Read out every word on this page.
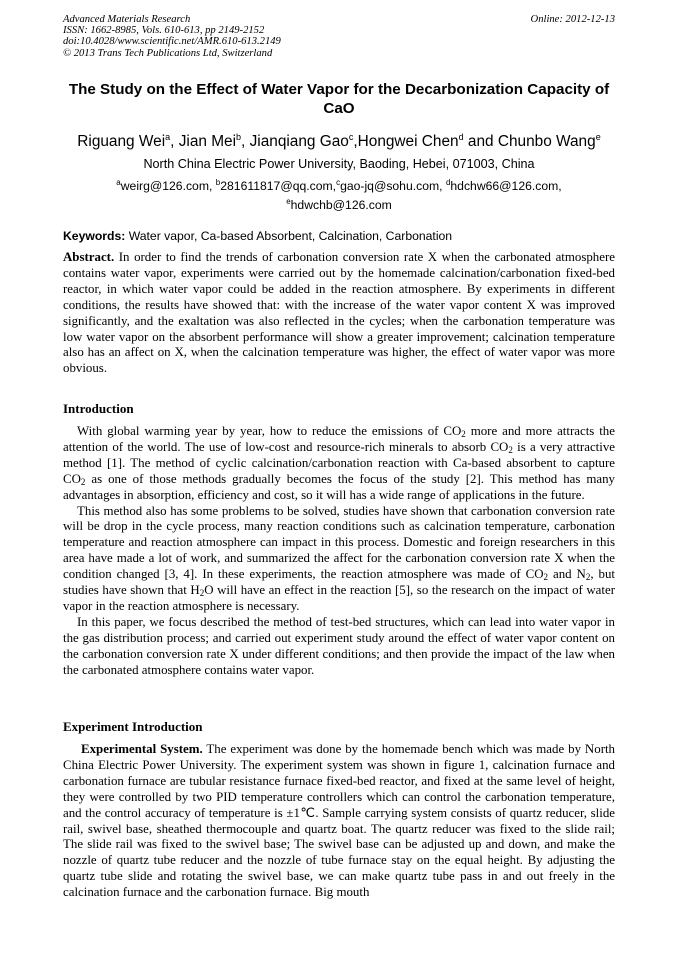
Advanced Materials Research
ISSN: 1662-8985, Vols. 610-613, pp 2149-2152
doi:10.4028/www.scientific.net/AMR.610-613.2149
© 2013 Trans Tech Publications Ltd, Switzerland
Online: 2012-12-13
The Study on the Effect of Water Vapor for the Decarbonization Capacity of CaO
Riguang Wei$^a$, Jian Mei$^b$, Jianqiang Gao$^c$,Hongwei Chen$^d$ and Chunbo Wang$^e$
North China Electric Power University, Baoding, Hebei, 071003, China
$^a$weirg@126.com, $^b$281611817@qq.com,$^c$gao-jq@sohu.com, $^d$hdchw66@126.com,
$^e$hdwchb@126.com
Keywords: Water vapor, Ca-based Absorbent, Calcination, Carbonation

Abstract. In order to find the trends of carbonation conversion rate X when the carbonated atmosphere contains water vapor, experiments were carried out by the homemade calcination/carbonation fixed-bed reactor, in which water vapor could be added in the reaction atmosphere. By experiments in different conditions, the results have showed that: with the increase of the water vapor content X was improved significantly, and the exaltation was also reflected in the cycles; when the carbonation temperature was low water vapor on the absorbent performance will show a greater improvement; calcination temperature also has an affect on X, when the calcination temperature was higher, the effect of water vapor was more obvious.

Introduction

With global warming year by year, how to reduce the emissions of $CO_2$ more and more attracts the attention of the world. The use of low-cost and resource-rich minerals to absorb $CO_2$ is a very attractive method [1]. The method of cyclic calcination/carbonation reaction with Ca-based absorbent to capture $CO_2$ as one of those methods gradually becomes the focus of the study [2]. This method has many advantages in absorption, efficiency and cost, so it will has a wide range of applications in the future.

This method also has some problems to be solved, studies have shown that carbonation conversion rate will be drop in the cycle process, many reaction conditions such as calcination temperature, carbonation temperature and reaction atmosphere can impact in this process. Domestic and foreign researchers in this area have made a lot of work, and summarized the affect for the carbonation conversion rate X when the condition changed [3, 4]. In these experiments, the reaction atmosphere was made of $CO_2$ and $N_2$, but studies have shown that $H_2O$ will have an effect in the reaction [5], so the research on the impact of water vapor in the reaction atmosphere is necessary.

In this paper, we focus described the method of test-bed structures, which can lead into water vapor in the gas distribution process; and carried out experiment study around the effect of water vapor content on the carbonation conversion rate X under different conditions; and then provide the impact of the law when the carbonated atmosphere contains water vapor.

Experiment Introduction

Experimental System. The experiment was done by the homemade bench which was made by North China Electric Power University. The experiment system was shown in figure 1, calcination furnace and carbonation furnace are tubular resistance furnace fixed-bed reactor, and fixed at the same level of height, they were controlled by two PID temperature controllers which can control the carbonation temperature, and the control accuracy of temperature is ±1℃. Sample carrying system consists of quartz reducer, slide rail, swivel base, sheathed thermocouple and quartz boat. The quartz reducer was fixed to the slide rail; The slide rail was fixed to the swivel base; The swivel base can be adjusted up and down, and make the nozzle of quartz tube reducer and the nozzle of tube furnace stay on the equal height. By adjusting the quartz tube slide and rotating the swivel base, we can make quartz tube pass in and out freely in the calcination furnace and the carbonation furnace. Big mouth
